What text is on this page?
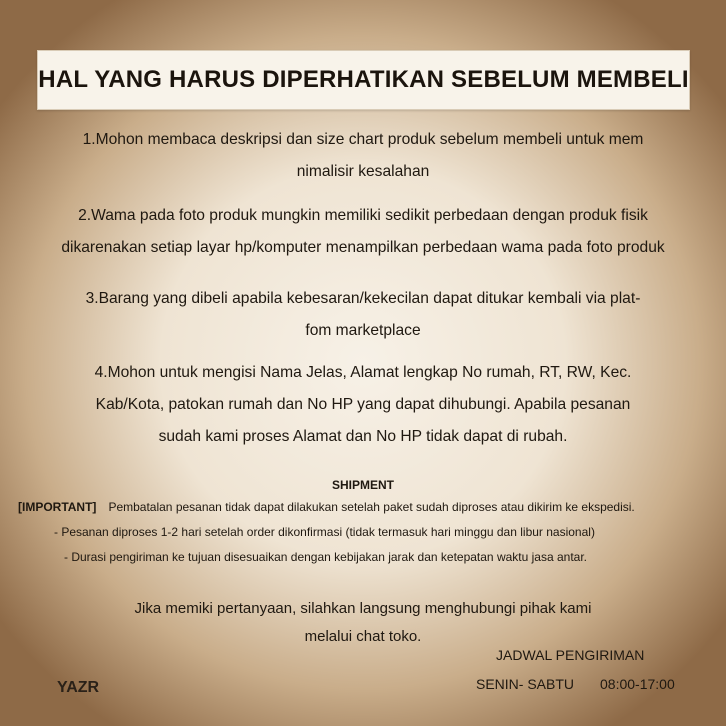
HAL YANG HARUS DIPERHATIKAN SEBELUM MEMBELI
1.Mohon membaca deskripsi dan size chart produk sebelum membeli untuk mem
nimalisir kesalahan
2.Wama pada foto produk mungkin memiliki sedikit perbedaan dengan produk fisik
dikarenakan setiap layar hp/komputer menampilkan perbedaan wama pada foto produk
3.Barang yang dibeli apabila kebesaran/kekecilan dapat ditukar kembali via plat-
fom marketplace
4.Mohon untuk mengisi Nama Jelas, Alamat lengkap No rumah, RT, RW, Kec.
Kab/Kota, patokan rumah dan No HP yang dapat dihubungi. Apabila pesanan
sudah kami proses Alamat dan No HP tidak dapat di rubah.
SHIPMENT
[IMPORTANT] Pembatalan pesanan tidak dapat dilakukan setelah paket sudah diproses atau dikirim ke ekspedisi.
- Pesanan diproses 1-2 hari setelah order dikonfirmasi (tidak termasuk hari minggu dan libur nasional)
- Durasi pengiriman ke tujuan disesuaikan dengan kebijakan jarak dan ketepatan waktu jasa antar.
Jika memiki pertanyaan, silahkan langsung menghubungi pihak kami
melalui chat toko.
JADWAL PENGIRIMAN
SENIN- SABTU 08:00-17:00
YAZR
